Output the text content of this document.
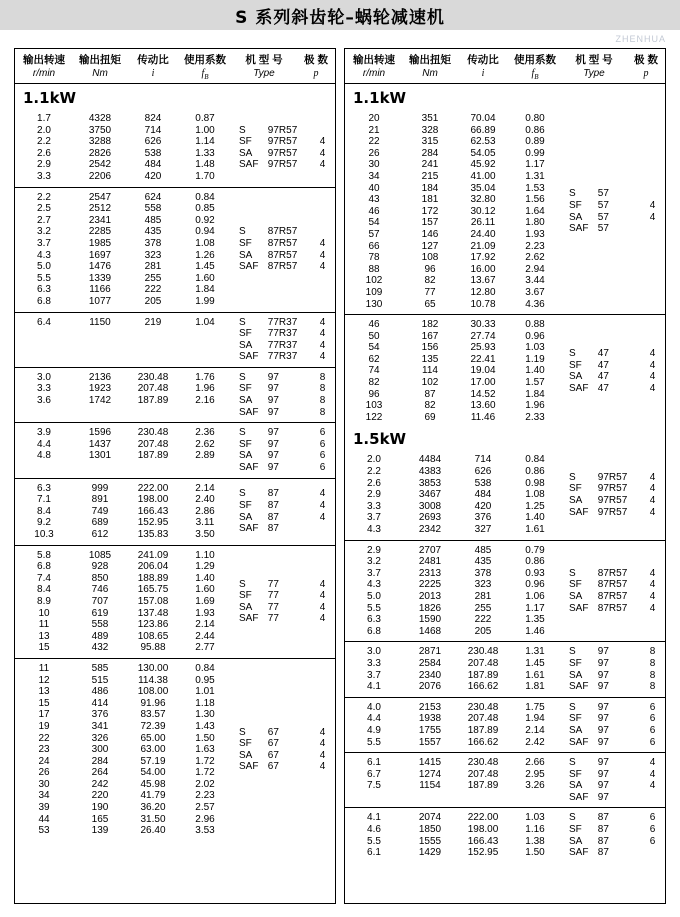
S 系列斜齿轮–蜗轮减速机
ZHENHUA
输出转速	输出扭矩	传动比	使用系数	机 型 号	极 数
r/min	Nm	i	$f_B$	Type	p
1.1kW
1.7	4328	824	0.87
2.0	3750	714	1.00
2.2	3288	626	1.14
2.6	2826	538	1.33
2.9	2542	484	1.48
3.3	2206	420	1.70
S	97R57
SF	97R57	4
SA	97R57	4
SAF 97R57	4
2.2	2547	624	0.84
2.5	2512	558	0.85
2.7	2341	485	0.92
3.2	2285	435	0.94
3.7	1985	378	1.08
4.3	1697	323	1.26
5.0	1476	281	1.45
5.5	1339	255	1.60
6.3	1166	222	1.84
6.8	1077	205	1.99
S	87R57
SF	87R57	4
SA	87R57	4
SAF 87R57	4
6.4	1150	219	1.04	S	77R37	4
SF	77R37	4
SA	77R37	4
SAF 77R37	4
3.0	2136	230.48	1.76
3.3	1923	207.48	1.96
3.6	1742	187.89	2.16
S	97	8
SF	97	8
SA	97	8
SAF 97	8
3.9	1596	230.48	2.36
4.4	1437	207.48	2.62
4.8	1301	187.89	2.89
S	97	6
SF	97	6
SA	97	6
SAF 97	6
6.3	999	222.00	2.14
7.1	891	198.00	2.40
8.4	749	166.43	2.86
9.2	689	152.95	3.11
10.3	612	135.83	3.50
S	87	4
SF	87	4
SA	87	4
SAF 87
5.8	1085	241.09	1.10
6.8	928	206.04	1.29
7.4	850	188.89	1.40
8.4	746	165.75	1.60
8.9	707	157.08	1.69
10	619	137.48	1.93
11	558	123.86	2.14
13	489	108.65	2.44
15	432	95.88	2.77
S	77	4
SF	77	4
SA	77	4
SAF 77	4
11	585	130.00	0.84
12	515	114.38	0.95
13	486	108.00	1.01
15	414	91.96	1.18
17	376	83.57	1.30
19	341	72.39	1.43
22	326	65.00	1.50
23	300	63.00	1.63
24	284	57.19	1.72
26	264	54.00	1.72
30	242	45.98	2.02
34	220	41.79	2.23
39	190	36.20	2.57
44	165	31.50	2.96
53	139	26.40	3.53
S	67	4
SF	67	4
SA	67	4
SAF 67	4
输出转速	输出扭矩	传动比	使用系数	机 型 号	极 数
r/min	Nm	i	$f_B$	Type	p
1.1kW
20	351	70.04	0.80
21	328	66.89	0.86
22	315	62.53	0.89
26	284	54.05	0.99
30	241	45.92	1.17
34	215	41.00	1.31
40	184	35.04	1.53
43	181	32.80	1.56
46	172	30.12	1.64
54	157	26.11	1.80
57	146	24.40	1.93
66	127	21.09	2.23
78	108	17.92	2.62
88	96	16.00	2.94
102	82	13.67	3.44
109	77	12.80	3.67
130	65	10.78	4.36
S	57
SF	57	4
SA	57	4
SAF 57
46	182	30.33	0.88
50	167	27.74	0.96
54	156	25.93	1.03
62	135	22.41	1.19
74	114	19.04	1.40
82	102	17.00	1.57
96	87	14.52	1.84
103	82	13.60	1.96
122	69	11.46	2.33
S	47	4
SF	47	4
SA	47	4
SAF 47	4
1.5kW
2.0	4484	714	0.84
2.2	4383	626	0.86
2.6	3853	538	0.98
2.9	3467	484	1.08
3.3	3008	420	1.25
3.7	2693	376	1.40
4.3	2342	327	1.61
S	97R57	4
SF	97R57	4
SA	97R57	4
SAF 97R57	4
2.9	2707	485	0.79
3.2	2481	435	0.86
3.7	2313	378	0.93
4.3	2225	323	0.96
5.0	2013	281	1.06
5.5	1826	255	1.17
6.3	1590	222	1.35
6.8	1468	205	1.46
S	87R57	4
SF	87R57	4
SA	87R57	4
SAF 87R57	4
3.0	2871	230.48	1.31
3.3	2584	207.48	1.45
3.7	2340	187.89	1.61
4.1	2076	166.62	1.81
S	97	8
SF	97	8
SA	97	8
SAF 97	8
4.0	2153	230.48	1.75
4.4	1938	207.48	1.94
4.9	1755	187.89	2.14
5.5	1557	166.62	2.42
S	97	6
SF	97	6
SA	97	6
SAF 97	6
6.1	1415	230.48	2.66
6.7	1274	207.48	2.95
7.5	1154	187.89	3.26
S	97	4
SF	97	4
SA	97	4
SAF 97
4.1	2074	222.00	1.03
4.6	1850	198.00	1.16
5.5	1555	166.43	1.38
6.1	1429	152.95	1.50
S	87	6
SF	87	6
SA	87	6
SAF 87
